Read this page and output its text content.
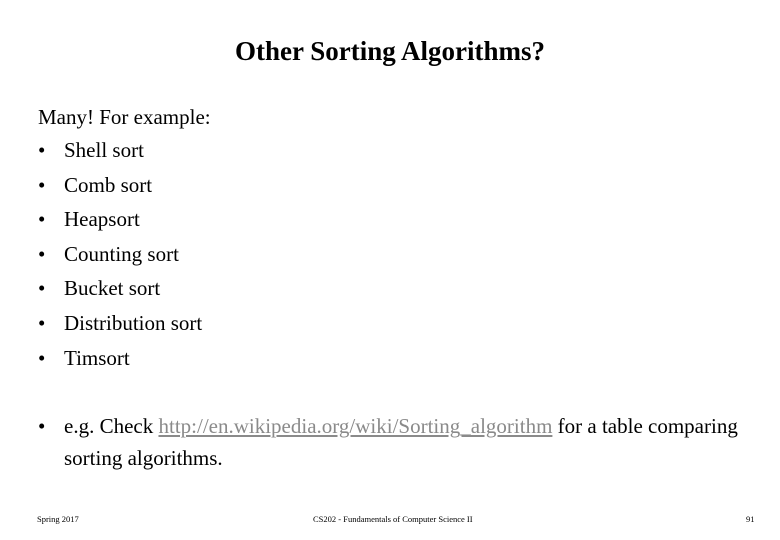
Other Sorting Algorithms?

Many! For example:

• Shell sort
• Comb sort
• Heapsort
• Counting sort
• Bucket sort
• Distribution sort
• Timsort
• e.g. Check http://en.wikipedia.org/wiki/Sorting_algorithm for a table comparing sorting algorithms.
Spring 2017	CS202 - Fundamentals of Computer Science II	91
